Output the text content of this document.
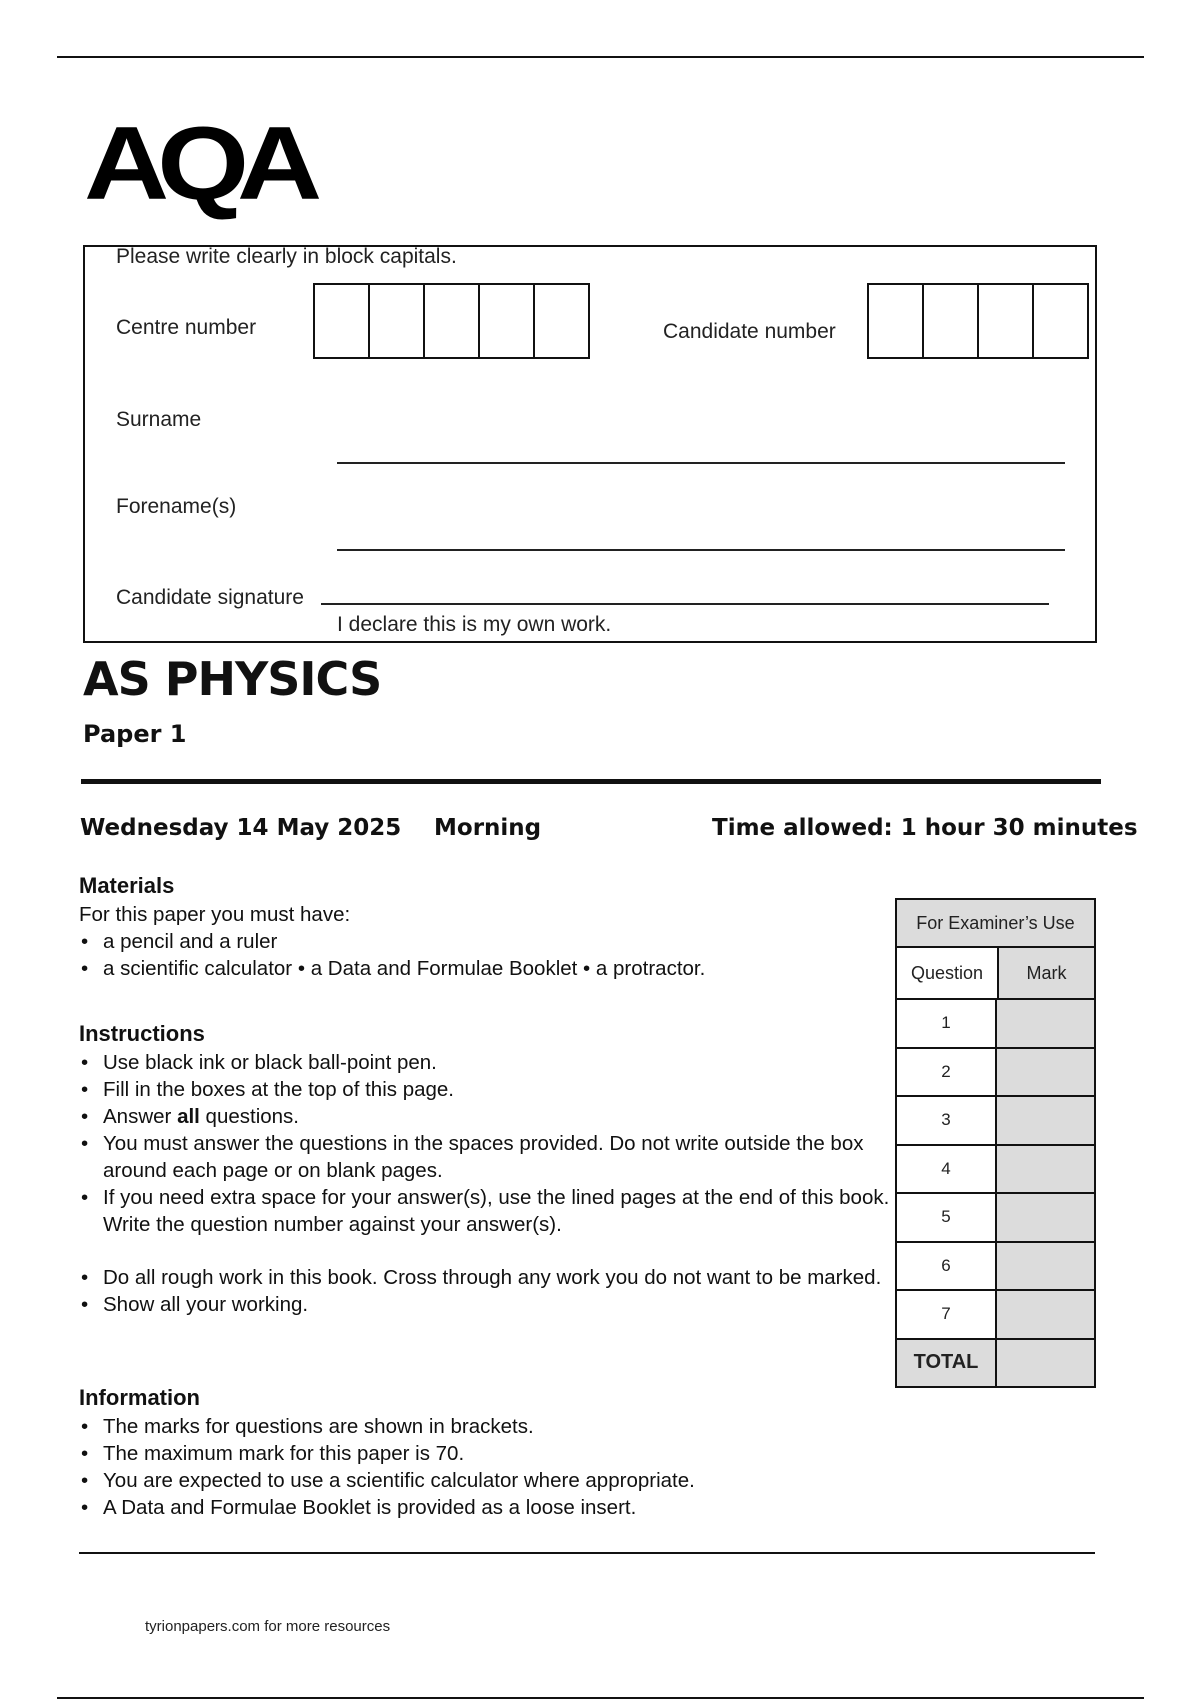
AQA
Please write clearly in block capitals.
Centre number	Candidate number
Surname
Forename(s)
Candidate signature
I declare this is my own work.
AS PHYSICS
Paper 1
Wednesday 14 May 2025 Morning	Time allowed: 1 hour 30 minutes
Materials

For this paper you must have:

• a pencil and a ruler
• a scientific calculator • a Data and Formulae Booklet • a protractor.
Instructions
• Use black ink or black ball-point pen.
• Fill in the boxes at the top of this page.
• Answer all questions.
• You must answer the questions in the spaces provided. Do not write outside the box around each page or on blank pages.
• If you need extra space for your answer(s), use the lined pages at the end of this book. Write the question number against your answer(s).
• Do all rough work in this book. Cross through any work you do not want to be marked.
• Show all your working.
Information
• The marks for questions are shown in brackets.
• The maximum mark for this paper is 70.
• You are expected to use a scientific calculator where appropriate.
• A Data and Formulae Booklet is provided as a loose insert.
For Examiner’s Use
Question	Mark
1
2
3
4
5
6
7
TOTAL
tyrionpapers.com for more resources
